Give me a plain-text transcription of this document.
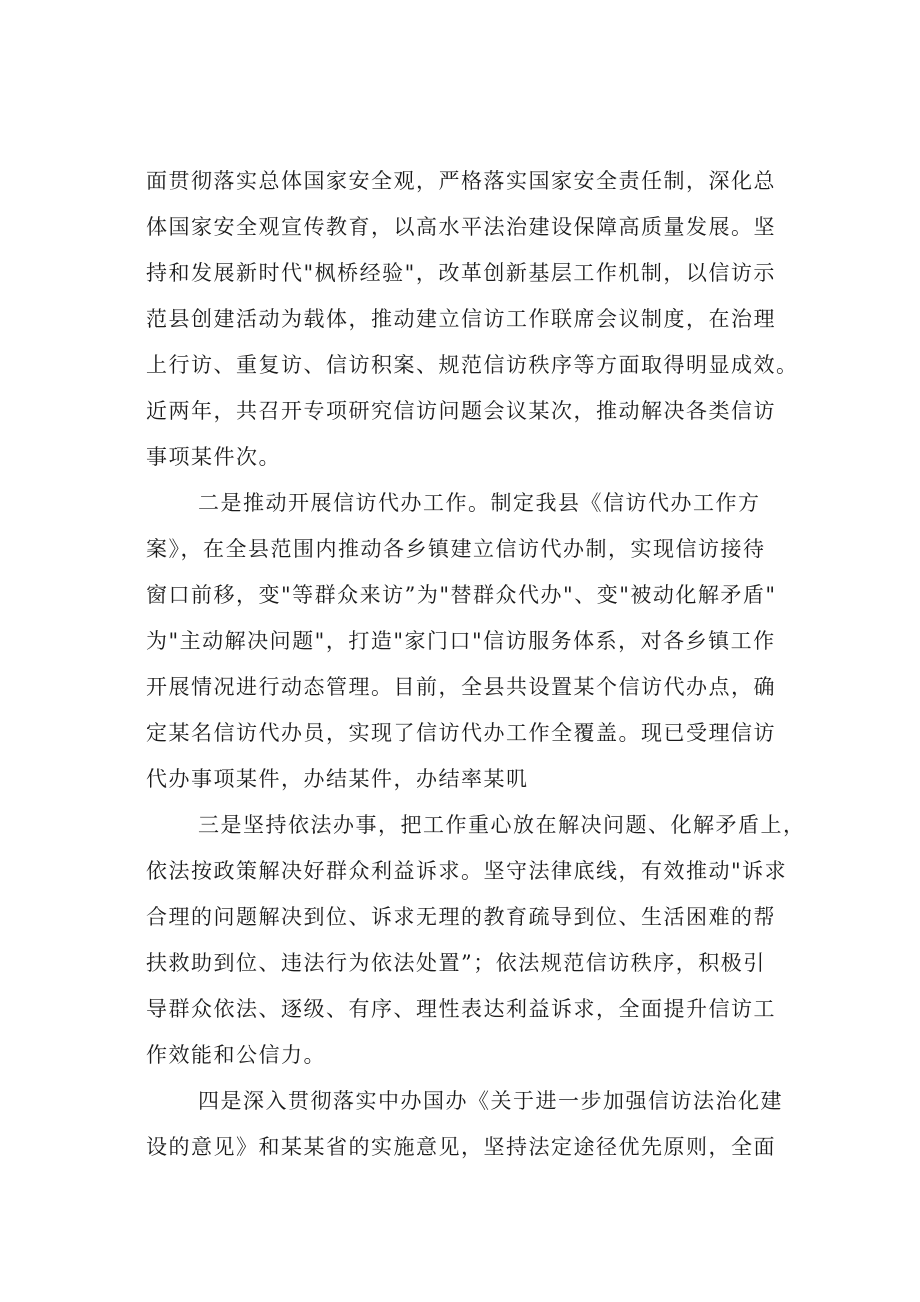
面贯彻落实总体国家安全观，严格落实国家安全责任制，深化总
体国家安全观宣传教育，以高水平法治建设保障高质量发展。坚
持和发展新时代"枫桥经验"，改革创新基层工作机制，以信访示
范县创建活动为载体，推动建立信访工作联席会议制度，在治理
上行访、重复访、信访积案、规范信访秩序等方面取得明显成效。
近两年，共召开专项研究信访问题会议某次，推动解决各类信访
事项某件次。
二是推动开展信访代办工作。制定我县《信访代办工作方
案》，在全县范围内推动各乡镇建立信访代办制，实现信访接待
窗口前移，变"等群众来访”为"替群众代办"、变"被动化解矛盾"
为"主动解决问题"，打造"家门口"信访服务体系，对各乡镇工作
开展情况进行动态管理。目前，全县共设置某个信访代办点，确
定某名信访代办员，实现了信访代办工作全覆盖。现已受理信访
代办事项某件，办结某件，办结率某叽
三是坚持依法办事，把工作重心放在解决问题、化解矛盾上，
依法按政策解决好群众利益诉求。坚守法律底线，有效推动"诉求
合理的问题解决到位、诉求无理的教育疏导到位、生活困难的帮
扶救助到位、违法行为依法处置”；依法规范信访秩序，积极引
导群众依法、逐级、有序、理性表达利益诉求，全面提升信访工
作效能和公信力。
四是深入贯彻落实中办国办《关于进一步加强信访法治化建
设的意见》和某某省的实施意见，坚持法定途径优先原则，全面
